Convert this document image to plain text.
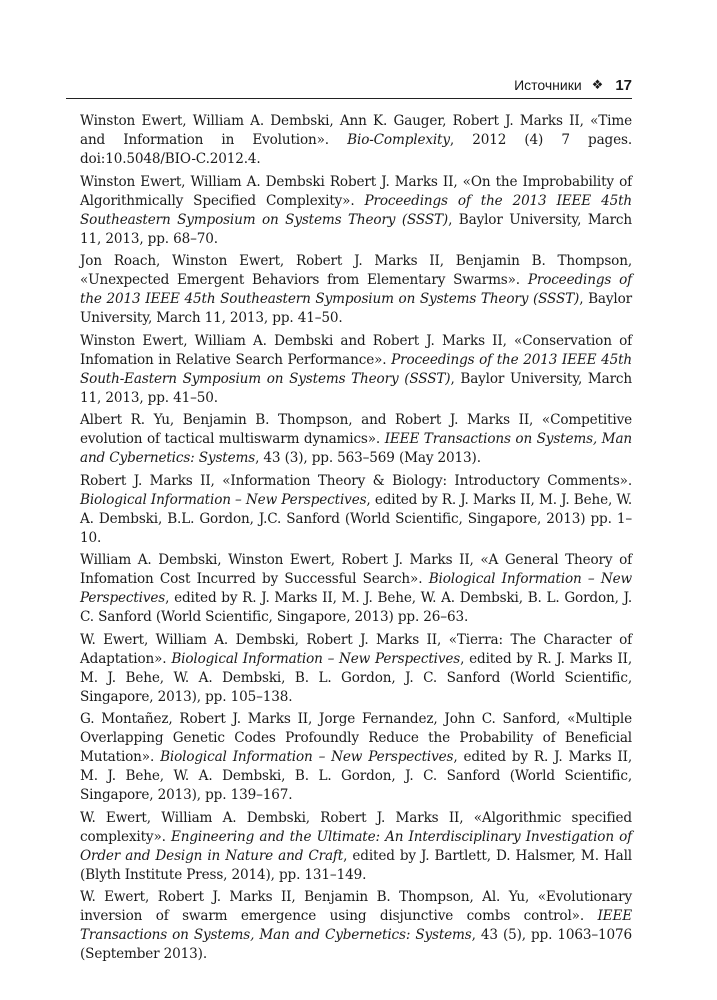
Источники ❖ 17

Winston Ewert, William A. Dembski, Ann K. Gauger, Robert J. Marks II, «Time and Information in Evolution». Bio-Complexity, 2012 (4) 7 pages. doi:10.5048/BIO-C.2012.4.

Winston Ewert, William A. Dembski Robert J. Marks II, «On the Improbability of Algorithmically Specified Complexity». Proceedings of the 2013 IEEE 45th Southeastern Symposium on Systems Theory (SSST), Baylor University, March 11, 2013, pp. 68–70.

Jon Roach, Winston Ewert, Robert J. Marks II, Benjamin B. Thompson, «Unexpected Emergent Behaviors from Elementary Swarms». Proceedings of the 2013 IEEE 45th Southeastern Symposium on Systems Theory (SSST), Baylor University, March 11, 2013, pp. 41–50.

Winston Ewert, William A. Dembski and Robert J. Marks II, «Conservation of Infomation in Relative Search Performance». Proceedings of the 2013 IEEE 45th South-Eastern Symposium on Systems Theory (SSST), Baylor University, March 11, 2013, pp. 41–50.

Albert R. Yu, Benjamin B. Thompson, and Robert J. Marks II, «Competitive evolution of tactical multiswarm dynamics». IEEE Transactions on Systems, Man and Cybernetics: Systems, 43 (3), pp. 563–569 (May 2013).

Robert J. Marks II, «Information Theory & Biology: Introductory Comments». Biological Information – New Perspectives, edited by R. J. Marks II, M. J. Behe, W. A. Dembski, B.L. Gordon, J.C. Sanford (World Scientific, Singapore, 2013) pp. 1–10.

William A. Dembski, Winston Ewert, Robert J. Marks II, «A General Theory of Infomation Cost Incurred by Successful Search». Biological Information – New Perspectives, edited by R. J. Marks II, M. J. Behe, W. A. Dembski, B. L. Gordon, J. C. Sanford (World Scientific, Singapore, 2013) pp. 26–63.

W. Ewert, William A. Dembski, Robert J. Marks II, «Tierra: The Character of Adaptation». Biological Information – New Perspectives, edited by R. J. Marks II, M. J. Behe, W. A. Dembski, B. L. Gordon, J. C. Sanford (World Scientific, Singapore, 2013), pp. 105–138.

G. Montañez, Robert J. Marks II, Jorge Fernandez, John C. Sanford, «Multiple Overlapping Genetic Codes Profoundly Reduce the Probability of Beneficial Mutation». Biological Information – New Perspectives, edited by R. J. Marks II, M. J. Behe, W. A. Dembski, B. L. Gordon, J. C. Sanford (World Scientific, Singapore, 2013), pp. 139–167.

W. Ewert, William A. Dembski, Robert J. Marks II, «Algorithmic specified complexity». Engineering and the Ultimate: An Interdisciplinary Investigation of Order and Design in Nature and Craft, edited by J. Bartlett, D. Halsmer, M. Hall (Blyth Institute Press, 2014), pp. 131–149.

W. Ewert, Robert J. Marks II, Benjamin B. Thompson, Al. Yu, «Evolutionary inversion of swarm emergence using disjunctive combs control». IEEE Transactions on Systems, Man and Cybernetics: Systems, 43 (5), pp. 1063–1076 (September 2013).
